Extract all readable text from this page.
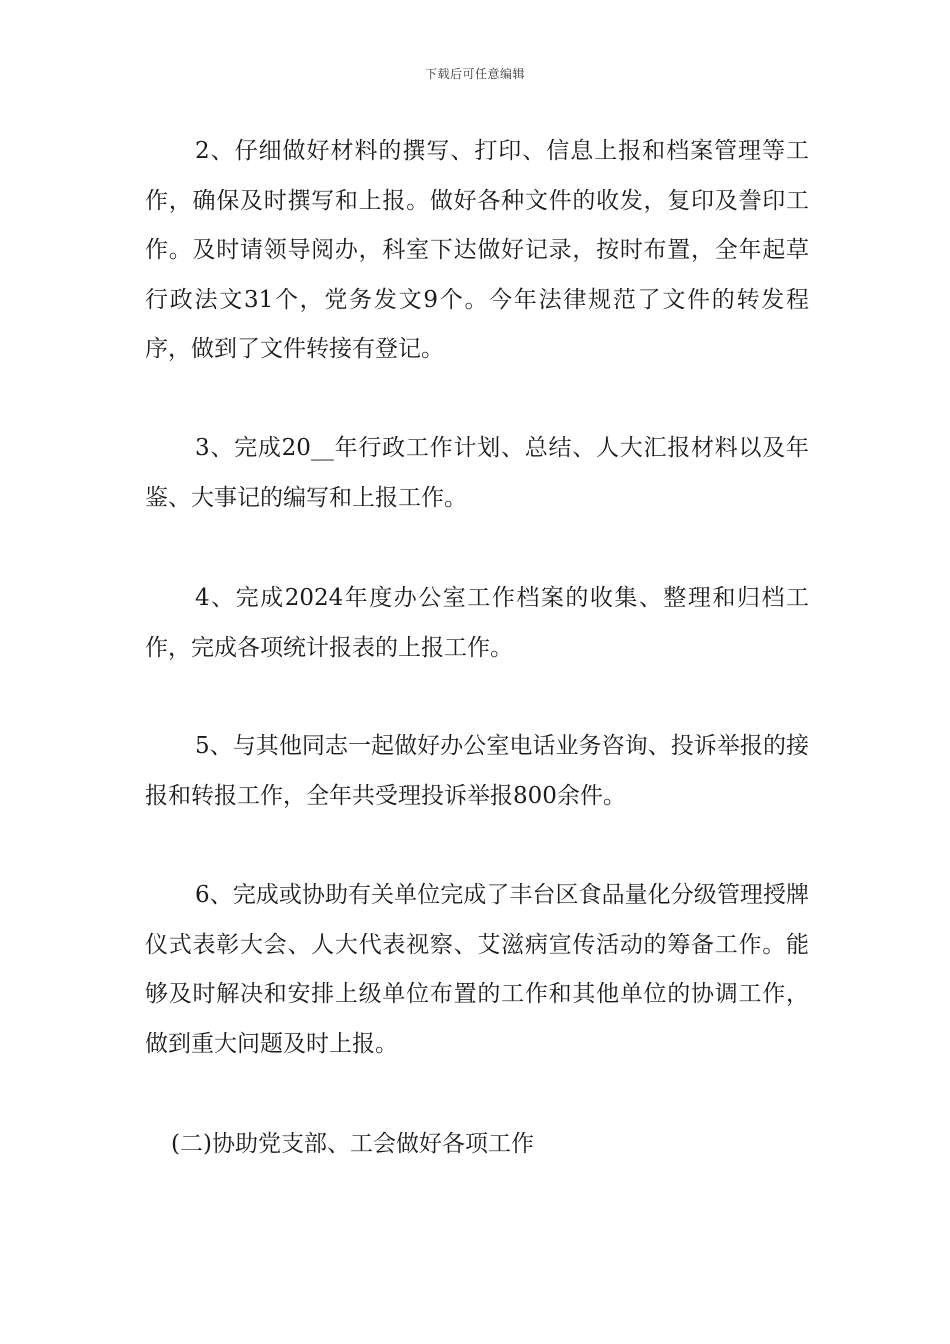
下载后可任意编辑

2、仔细做好材料的撰写、打印、信息上报和档案管理等工作，确保及时撰写和上报。做好各种文件的收发，复印及誊印工作。及时请领导阅办，科室下达做好记录，按时布置，全年起草行政法文31个，党务发文9个。今年法律规范了文件的转发程序，做到了文件转接有登记。

3、完成20__年行政工作计划、总结、人大汇报材料以及年鉴、大事记的编写和上报工作。

4、完成2024年度办公室工作档案的收集、整理和归档工作，完成各项统计报表的上报工作。

5、与其他同志一起做好办公室电话业务咨询、投诉举报的接报和转报工作，全年共受理投诉举报800余件。

6、完成或协助有关单位完成了丰台区食品量化分级管理授牌仪式表彰大会、人大代表视察、艾滋病宣传活动的筹备工作。能够及时解决和安排上级单位布置的工作和其他单位的协调工作，做到重大问题及时上报。

(二)协助党支部、工会做好各项工作
